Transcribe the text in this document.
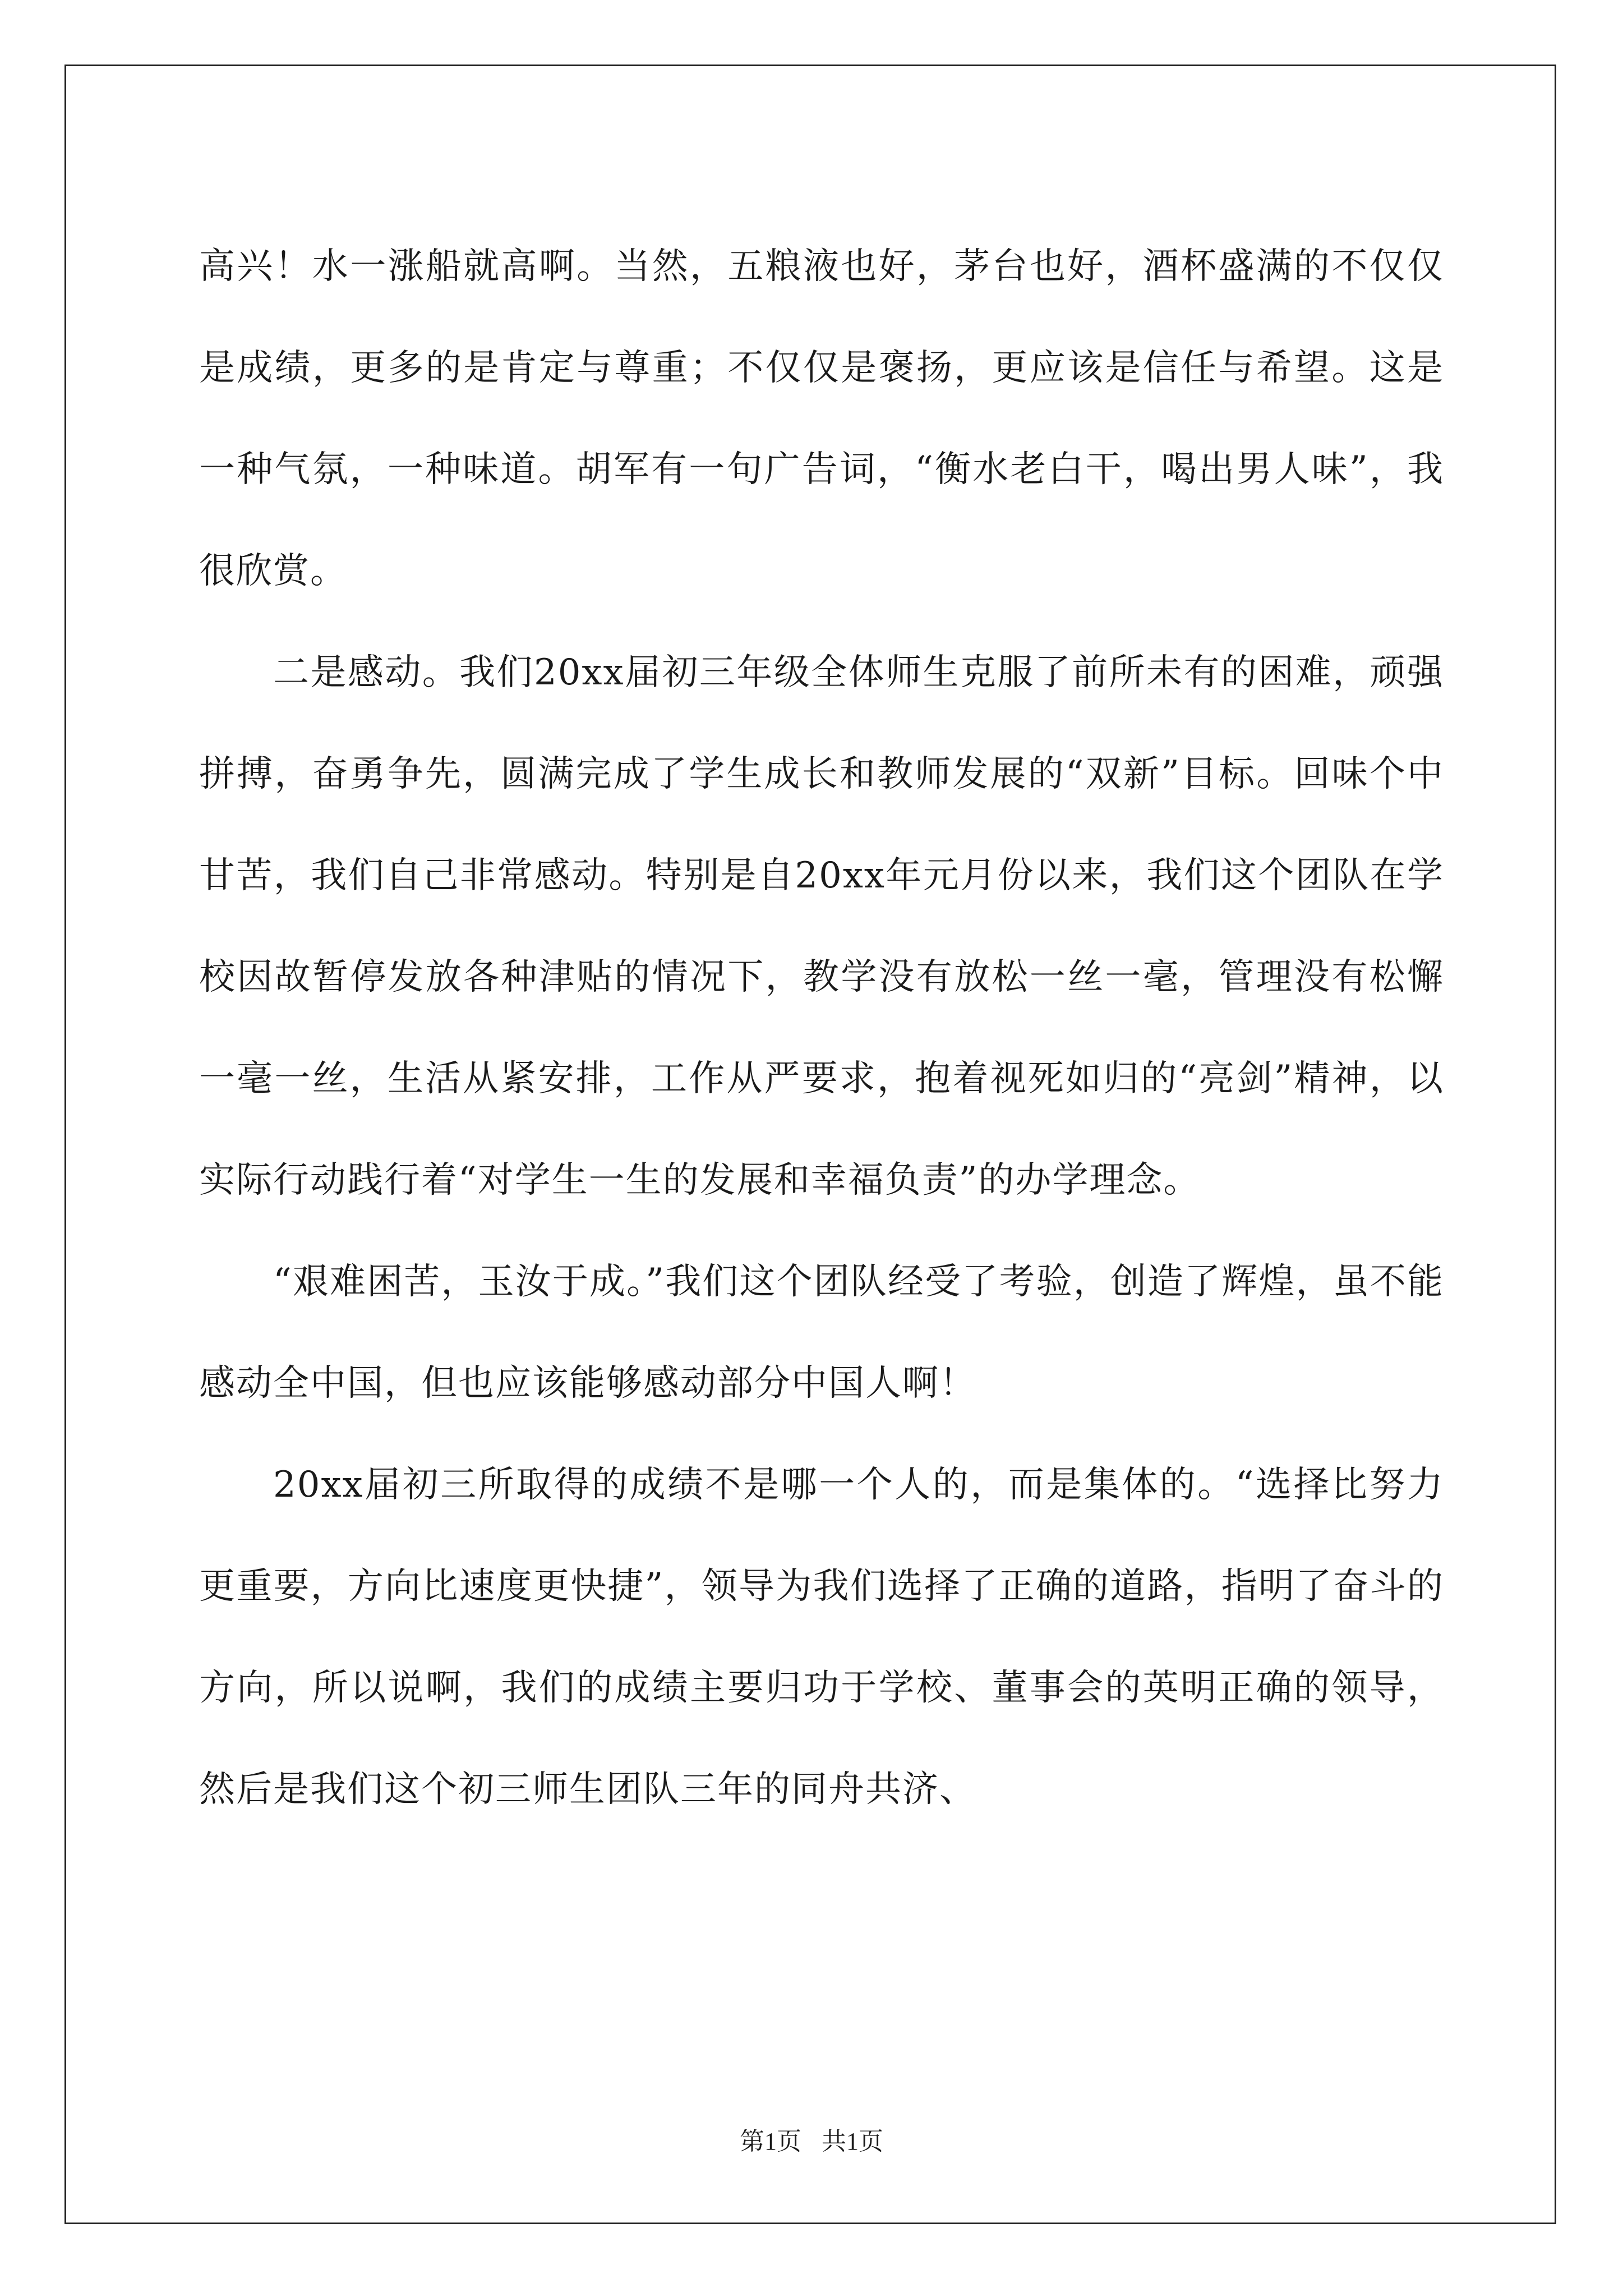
高兴！水一涨船就高啊。当然，五粮液也好，茅台也好，酒杯盛满的不仅仅是成绩，更多的是肯定与尊重；不仅仅是褒扬，更应该是信任与希望。这是一种气氛，一种味道。胡军有一句广告词，“衡水老白干，喝出男人味”，我很欣赏。

二是感动。我们20xx届初三年级全体师生克服了前所未有的困难，顽强拼搏，奋勇争先，圆满完成了学生成长和教师发展的“双新”目标。回味个中甘苦，我们自己非常感动。特别是自20xx年元月份以来，我们这个团队在学校因故暂停发放各种津贴的情况下，教学没有放松一丝一毫，管理没有松懈一毫一丝，生活从紧安排，工作从严要求，抱着视死如归的“亮剑”精神，以实际行动践行着“对学生一生的发展和幸福负责”的办学理念。

“艰难困苦，玉汝于成。”我们这个团队经受了考验，创造了辉煌，虽不能感动全中国，但也应该能够感动部分中国人啊！

20xx届初三所取得的成绩不是哪一个人的，而是集体的。“选择比努力更重要，方向比速度更快捷”，领导为我们选择了正确的道路，指明了奋斗的方向，所以说啊，我们的成绩主要归功于学校、董事会的英明正确的领导，然后是我们这个初三师生团队三年的同舟共济、

第1页 共1页
